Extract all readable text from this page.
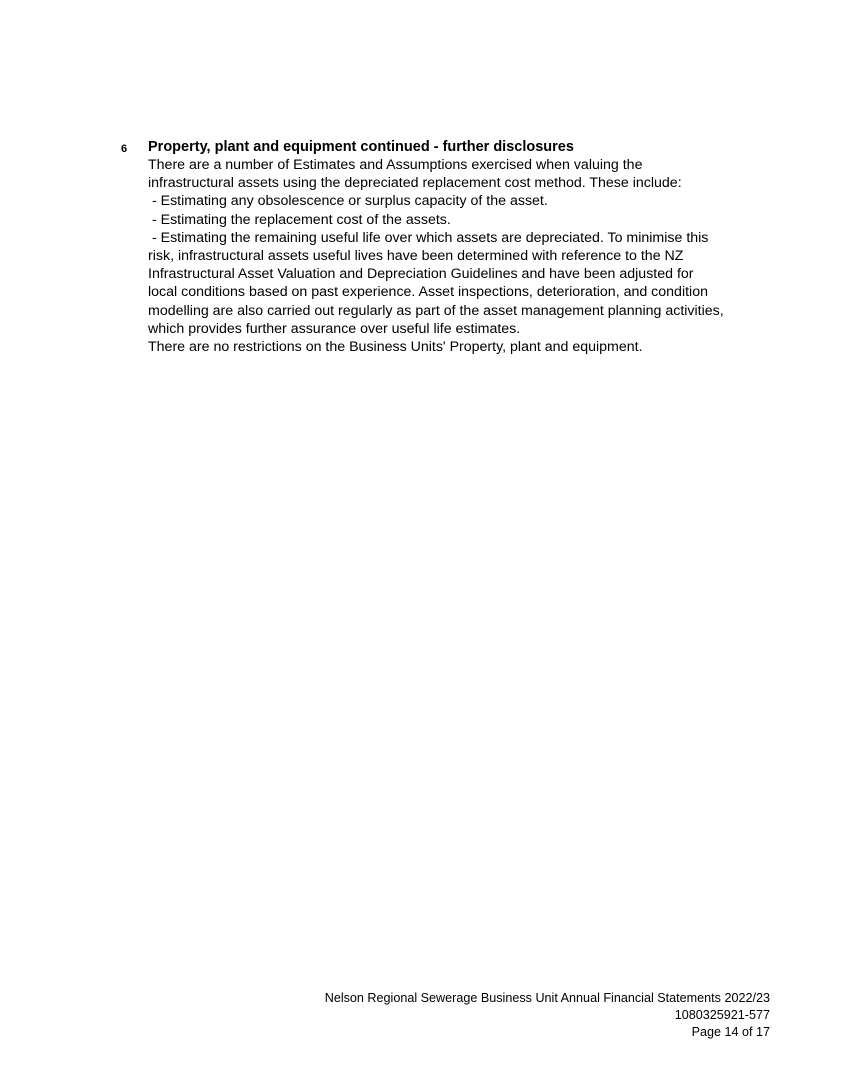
6 Property, plant and equipment continued - further disclosures
There are a number of Estimates and Assumptions exercised when valuing the
infrastructural assets using the depreciated replacement cost method. These include:
- Estimating any obsolescence or surplus capacity of the asset.
- Estimating the replacement cost of the assets.
- Estimating the remaining useful life over which assets are depreciated. To minimise this
risk, infrastructural assets useful lives have been determined with reference to the NZ
Infrastructural Asset Valuation and Depreciation Guidelines and have been adjusted for
local conditions based on past experience. Asset inspections, deterioration, and condition
modelling are also carried out regularly as part of the asset management planning activities,
which provides further assurance over useful life estimates.
There are no restrictions on the Business Units' Property, plant and equipment.
Nelson Regional Sewerage Business Unit Annual Financial Statements 2022/23
1080325921-577
Page 14 of 17
